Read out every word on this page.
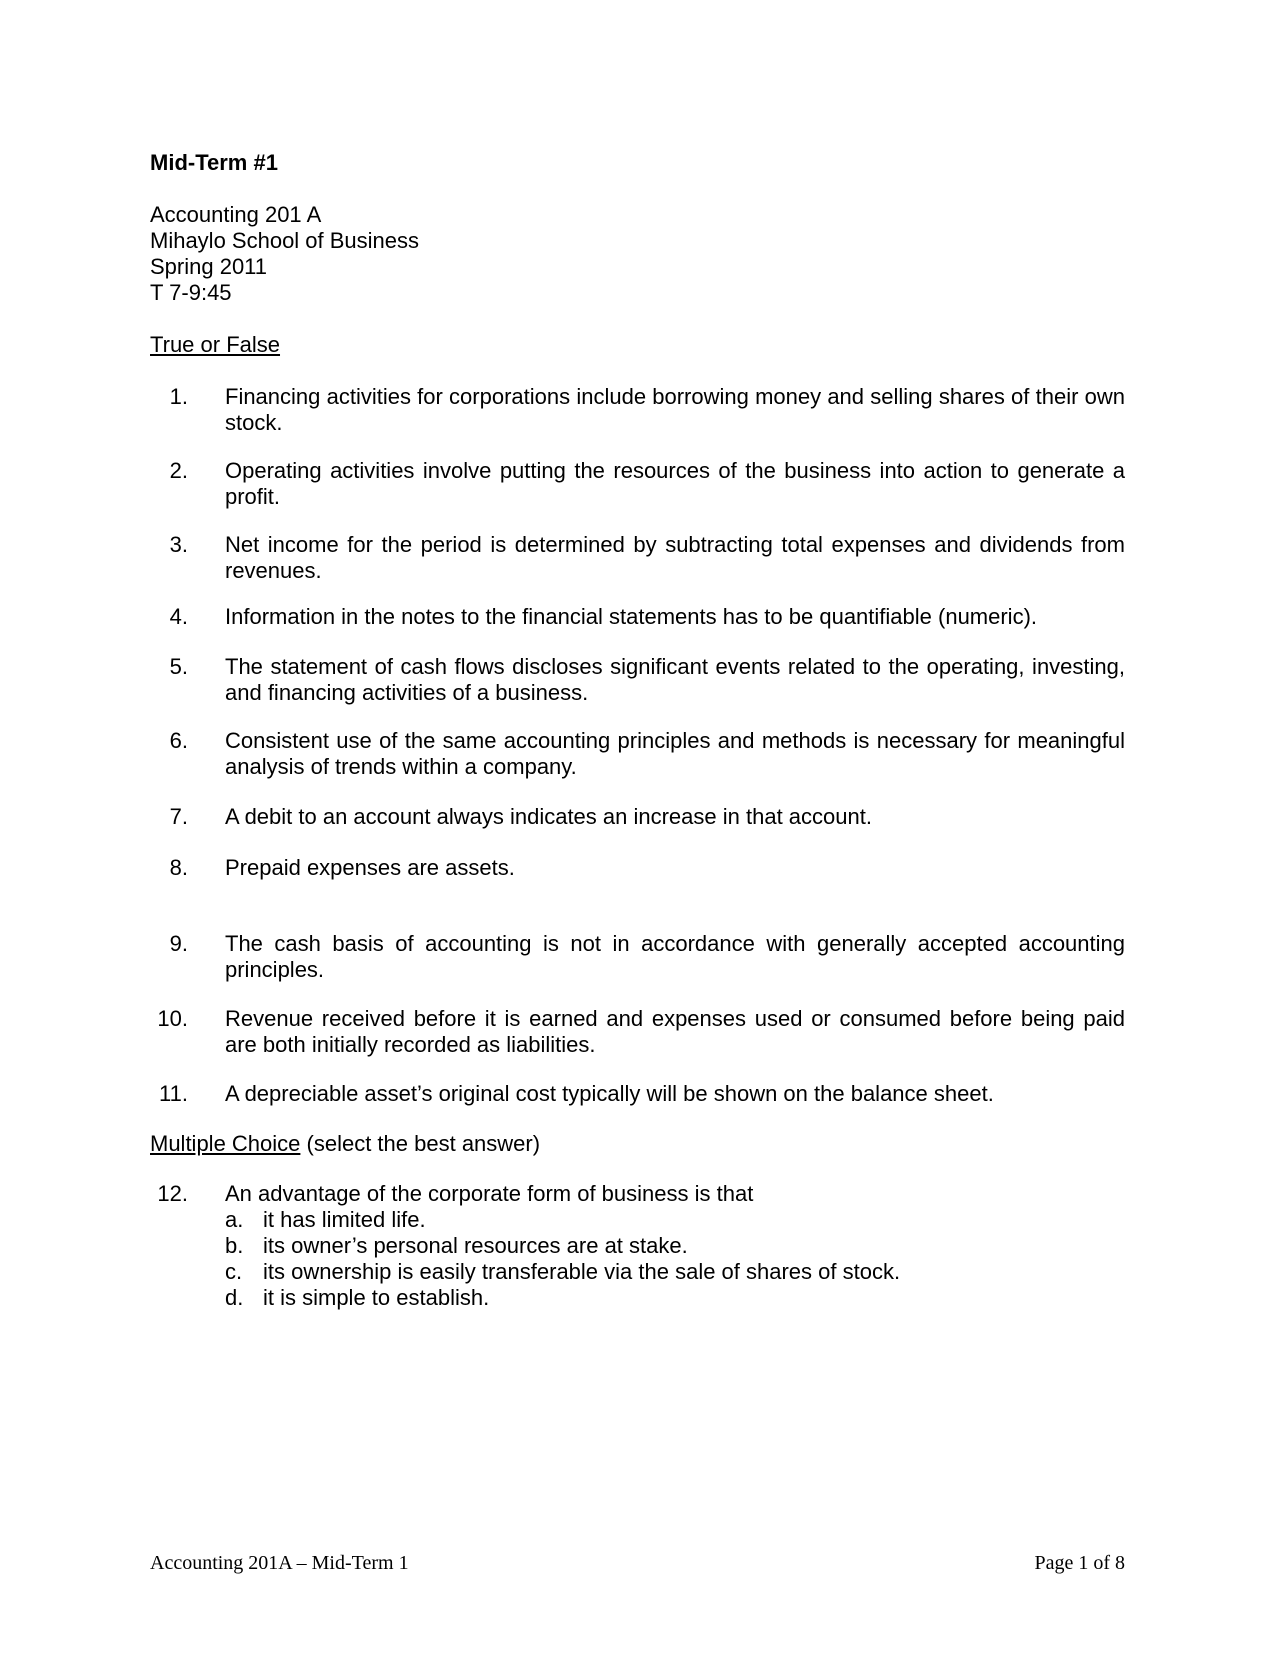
Mid-Term #1
Accounting 201 A
Mihaylo School of Business
Spring 2011
T 7-9:45
True or False
1. Financing activities for corporations include borrowing money and selling shares of their own stock.
2. Operating activities involve putting the resources of the business into action to generate a profit.
3. Net income for the period is determined by subtracting total expenses and dividends from revenues.
4. Information in the notes to the financial statements has to be quantifiable (numeric).
5. The statement of cash flows discloses significant events related to the operating, investing, and financing activities of a business.
6. Consistent use of the same accounting principles and methods is necessary for meaningful analysis of trends within a company.
7. A debit to an account always indicates an increase in that account.
8. Prepaid expenses are assets.
9. The cash basis of accounting is not in accordance with generally accepted accounting principles.
10. Revenue received before it is earned and expenses used or consumed before being paid are both initially recorded as liabilities.
11. A depreciable asset’s original cost typically will be shown on the balance sheet.
Multiple Choice (select the best answer)
12. An advantage of the corporate form of business is that
a. it has limited life.
b. its owner’s personal resources are at stake.
c. its ownership is easily transferable via the sale of shares of stock.
d. it is simple to establish.
Accounting 201A – Mid-Term 1	Page 1 of 8
